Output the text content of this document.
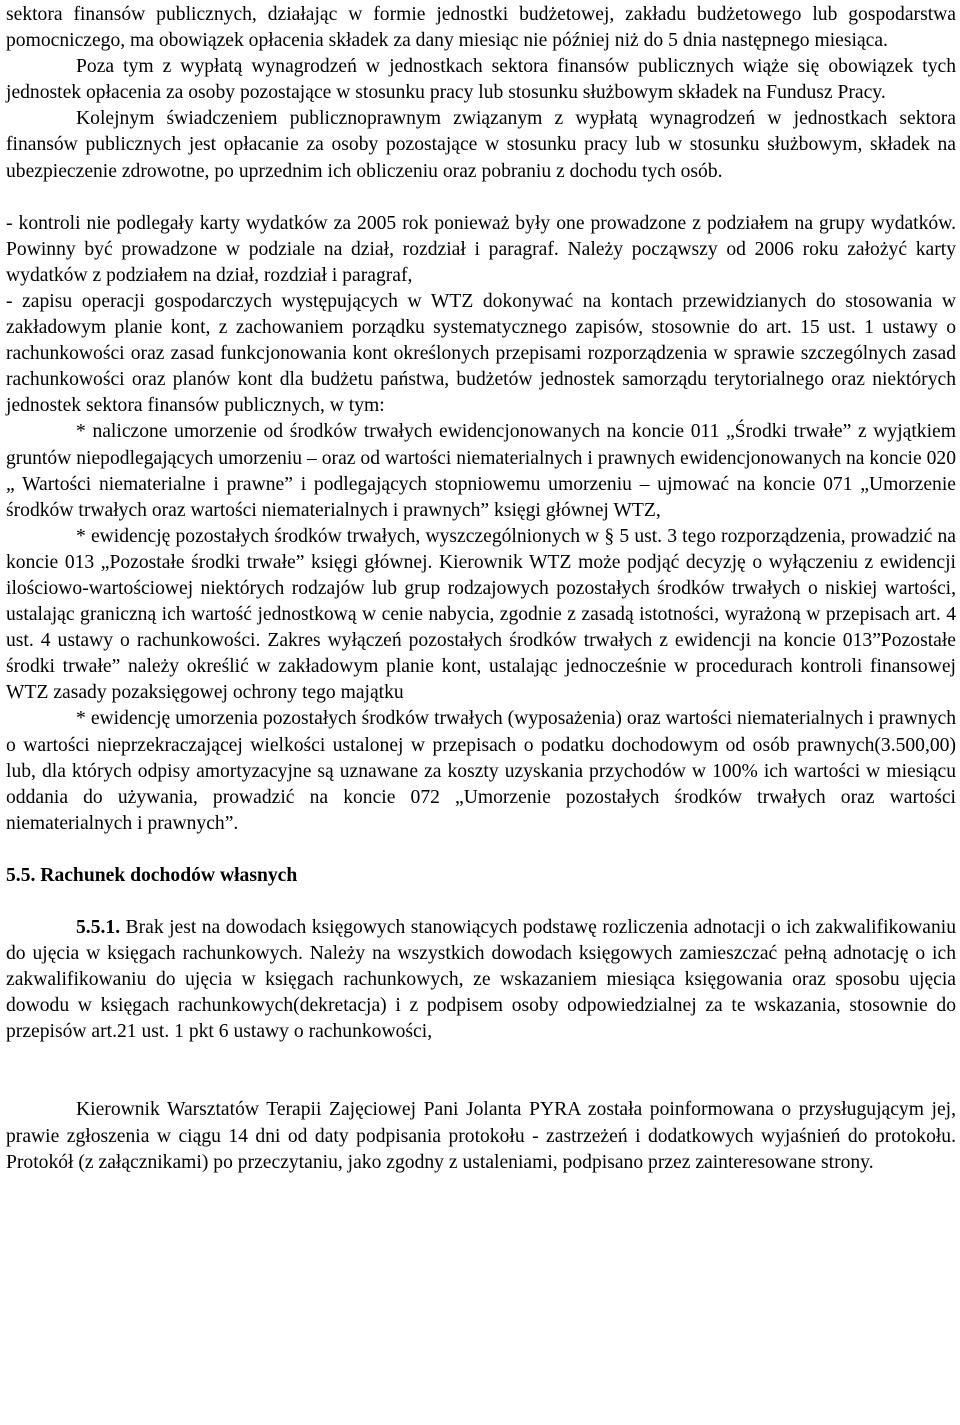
sektora finansów publicznych, działając w formie jednostki budżetowej, zakładu budżetowego lub gospodarstwa pomocniczego, ma obowiązek opłacenia składek za dany miesiąc nie później niż do 5 dnia następnego miesiąca.

Poza tym z wypłatą wynagrodzeń w jednostkach sektora finansów publicznych wiąże się obowiązek tych jednostek opłacenia za osoby pozostające w stosunku pracy lub stosunku służbowym składek na Fundusz Pracy.

Kolejnym świadczeniem publicznoprawnym związanym z wypłatą wynagrodzeń w jednostkach sektora finansów publicznych jest opłacanie za osoby pozostające w stosunku pracy lub w stosunku służbowym, składek na ubezpieczenie zdrowotne, po uprzednim ich obliczeniu oraz pobraniu z dochodu tych osób.

- kontroli nie podlegały karty wydatków za 2005 rok ponieważ były one prowadzone z podziałem na grupy wydatków. Powinny być prowadzone w podziale na dział, rozdział i paragraf. Należy począwszy od 2006 roku założyć karty wydatków z podziałem na dział, rozdział i paragraf,

- zapisu operacji gospodarczych występujących w WTZ dokonywać na kontach przewidzianych do stosowania w zakładowym planie kont, z zachowaniem porządku systematycznego zapisów, stosownie do art. 15 ust. 1 ustawy o rachunkowości oraz zasad funkcjonowania kont określonych przepisami rozporządzenia w sprawie szczególnych zasad rachunkowości oraz planów kont dla budżetu państwa, budżetów jednostek samorządu terytorialnego oraz niektórych jednostek sektora finansów publicznych, w tym:

* naliczone umorzenie od środków trwałych ewidencjonowanych na koncie 011 „Środki trwałe” z wyjątkiem gruntów niepodlegających umorzeniu – oraz od wartości niematerialnych i prawnych ewidencjonowanych na koncie 020 „ Wartości niematerialne i prawne” i podlegających stopniowemu umorzeniu – ujmować na koncie 071 „Umorzenie środków trwałych oraz wartości niematerialnych i prawnych” księgi głównej WTZ,

* ewidencję pozostałych środków trwałych, wyszczególnionych w § 5 ust. 3 tego rozporządzenia, prowadzić na koncie 013 „Pozostałe środki trwałe” księgi głównej. Kierownik WTZ może podjąć decyzję o wyłączeniu z ewidencji ilościowo-wartościowej niektórych rodzajów lub grup rodzajowych pozostałych środków trwałych o niskiej wartości, ustalając graniczną ich wartość jednostkową w cenie nabycia, zgodnie z zasadą istotności, wyrażoną w przepisach art. 4 ust. 4 ustawy o rachunkowości. Zakres wyłączeń pozostałych środków trwałych z ewidencji na koncie 013”Pozostałe środki trwałe” należy określić w zakładowym planie kont, ustalając jednocześnie w procedurach kontroli finansowej WTZ zasady pozaksięgowej ochrony tego majątku

* ewidencję umorzenia pozostałych środków trwałych (wyposażenia) oraz wartości niematerialnych i prawnych o wartości nieprzekraczającej wielkości ustalonej w przepisach o podatku dochodowym od osób prawnych(3.500,00) lub, dla których odpisy amortyzacyjne są uznawane za koszty uzyskania przychodów w 100% ich wartości w miesiącu oddania do używania, prowadzić na koncie 072 „Umorzenie pozostałych środków trwałych oraz wartości niematerialnych i prawnych”.

5.5. Rachunek dochodów własnych

5.5.1. Brak jest na dowodach księgowych stanowiących podstawę rozliczenia adnotacji o ich zakwalifikowaniu do ujęcia w księgach rachunkowych. Należy na wszystkich dowodach księgowych zamieszczać pełną adnotację o ich zakwalifikowaniu do ujęcia w księgach rachunkowych, ze wskazaniem miesiąca księgowania oraz sposobu ujęcia dowodu w księgach rachunkowych(dekretacja) i z podpisem osoby odpowiedzialnej za te wskazania, stosownie do przepisów art.21 ust. 1 pkt 6 ustawy o rachunkowości,

Kierownik Warsztatów Terapii Zajęciowej Pani Jolanta PYRA została poinformowana o przysługującym jej, prawie zgłoszenia w ciągu 14 dni od daty podpisania protokołu - zastrzeżeń i dodatkowych wyjaśnień do protokołu. Protokół (z załącznikami) po przeczytaniu, jako zgodny z ustaleniami, podpisano przez zainteresowane strony.
